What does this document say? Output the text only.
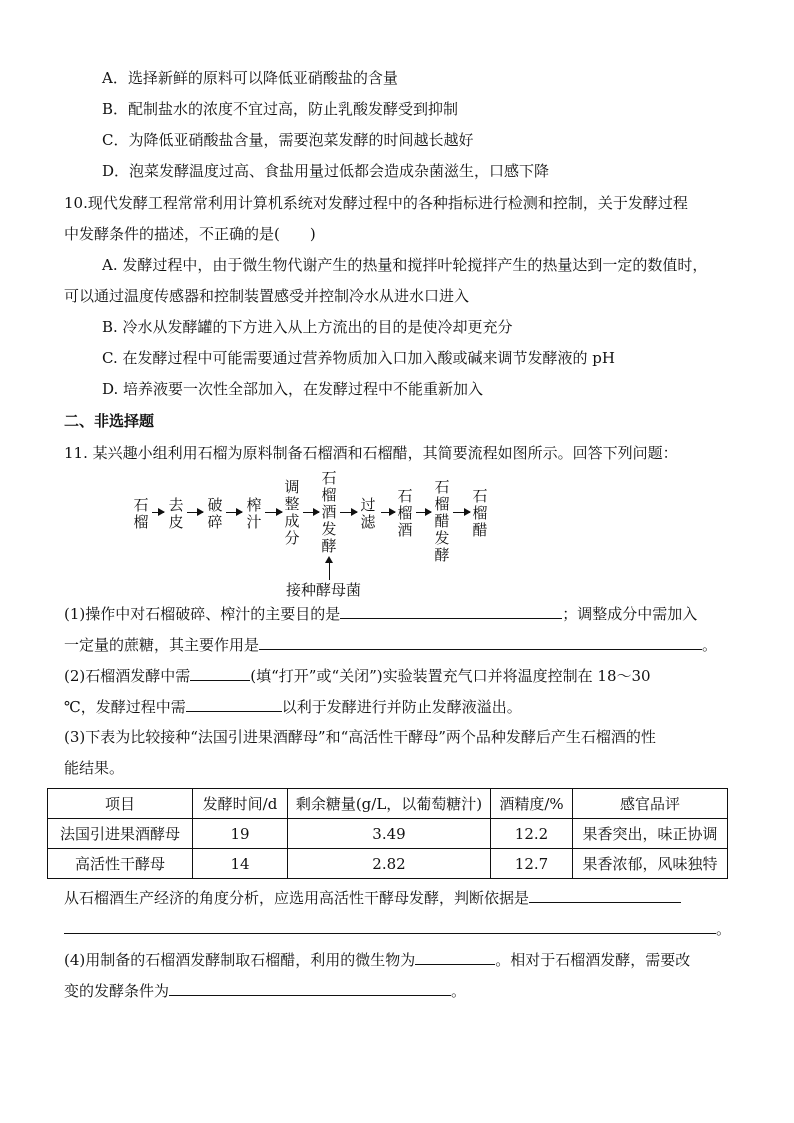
A．选择新鲜的原料可以降低亚硝酸盐的含量
B．配制盐水的浓度不宜过高，防止乳酸发酵受到抑制
C．为降低亚硝酸盐含量，需要泡菜发酵的时间越长越好
D．泡菜发酵温度过高、食盐用量过低都会造成杂菌滋生，口感下降
10.现代发酵工程常常利用计算机系统对发酵过程中的各种指标进行检测和控制，关于发酵过程
中发酵条件的描述，不正确的是(　　)
A. 发酵过程中，由于微生物代谢产生的热量和搅拌叶轮搅拌产生的热量达到一定的数值时，
可以通过温度传感器和控制装置感受并控制冷水从进水口进入
B. 冷水从发酵罐的下方进入从上方流出的目的是使冷却更充分
C. 在发酵过程中可能需要通过营养物质加入口加入酸或碱来调节发酵液的 pH
D. 培养液要一次性全部加入，在发酵过程中不能重新加入
二、非选择题
11. 某兴趣小组利用石榴为原料制备石榴酒和石榴醋，其简要流程如图所示。回答下列问题：
石榴
去皮
破碎
榨汁
调整成分
石榴酒发酵
过滤
石榴酒
石榴醋发酵
石榴醋
接种酵母菌
(1)操作中对石榴破碎、榨汁的主要目的是	；调整成分中需加入
一定量的蔗糖，其主要作用是	。
(2)石榴酒发酵中需	(填“打开”或“关闭”)实验装置充气口并将温度控制在 18～30
℃，发酵过程中需	以利于发酵进行并防止发酵液溢出。
(3)下表为比较接种“法国引进果酒酵母”和“高活性干酵母”两个品种发酵后产生石榴酒的性
能结果。
项目	发酵时间/d	剩余糖量(g/L，以葡萄糖汁)	酒精度/%	感官品评
法国引进果酒酵母	19	3.49	12.2	果香突出，味正协调
高活性干酵母	14	2.82	12.7	果香浓郁，风味独特
从石榴酒生产经济的角度分析，应选用高活性干酵母发酵，判断依据是
。
(4)用制备的石榴酒发酵制取石榴醋，利用的微生物为	。相对于石榴酒发酵，需要改
变的发酵条件为	。
